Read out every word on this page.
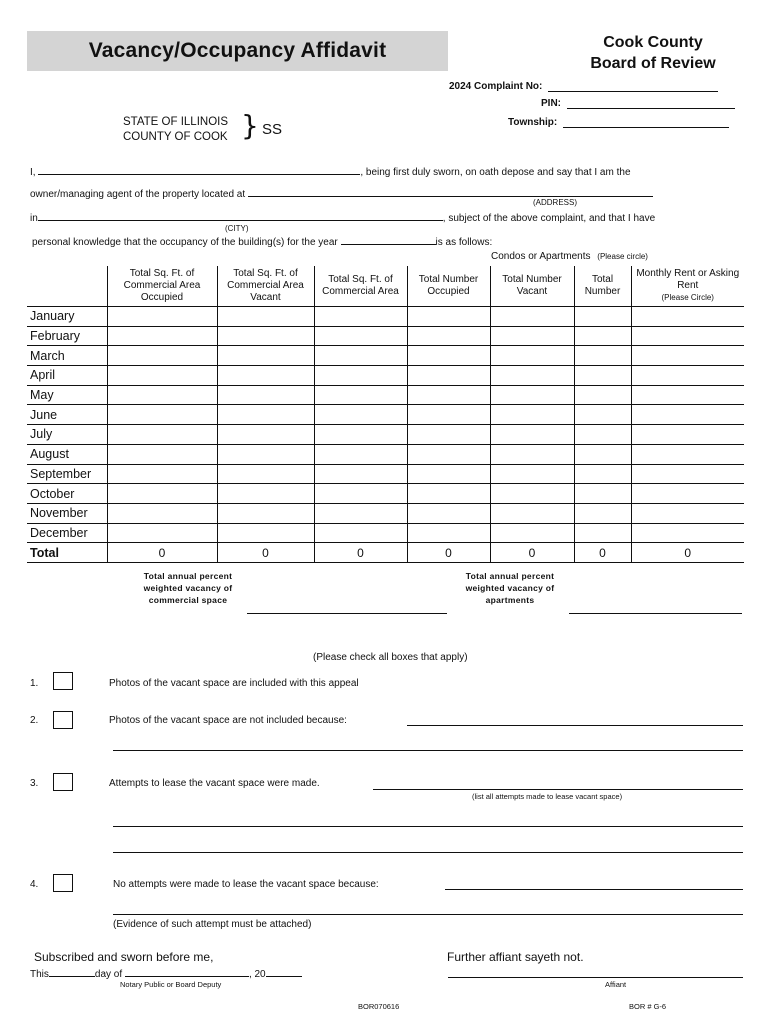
Vacancy/Occupancy Affidavit	Cook County
Board of Review
2024 Complaint No:
PIN:
Township:
STATE OF ILLINOIS
COUNTY OF COOK } SS
I,	, being first duly sworn, on oath depose and say that I am the
owner/managing agent of the property located at
(ADDRESS)
in	, subject of the above complaint, and that I have
(CITY)
personal knowledge that the occupancy of the building(s) for the year	is as follows:
Condos or Apartments (Please circle)
	Total Sq. Ft. of Commercial Area Occupied	Total Sq. Ft. of Commercial Area Vacant	Total Sq. Ft. of Commercial Area	Total Number Occupied	Total Number Vacant	Total Number	Monthly Rent or Asking Rent
(Please Circle)

January							
February							
March							
April							
May							
June							
July							
August							
September							
October							
November							
December							
Total	0	0	0	0	0	0	0
Total annual percent
weighted vacancy of
commercial space
Total annual percent
weighted vacancy of
apartments
(Please check all boxes that apply)
1.	Photos of the vacant space are included with this appeal
2.	Photos of the vacant space are not included because:
3.	Attempts to lease the vacant space were made.
(list all attempts made to lease vacant space)
4.	No attempts were made to lease the vacant space because:
(Evidence of such attempt must be attached)
Subscribed and sworn before me,
This	day of	, 20
Notary Public or Board Deputy
Further affiant sayeth not.
Affiant
BOR070616	BOR # G-6
